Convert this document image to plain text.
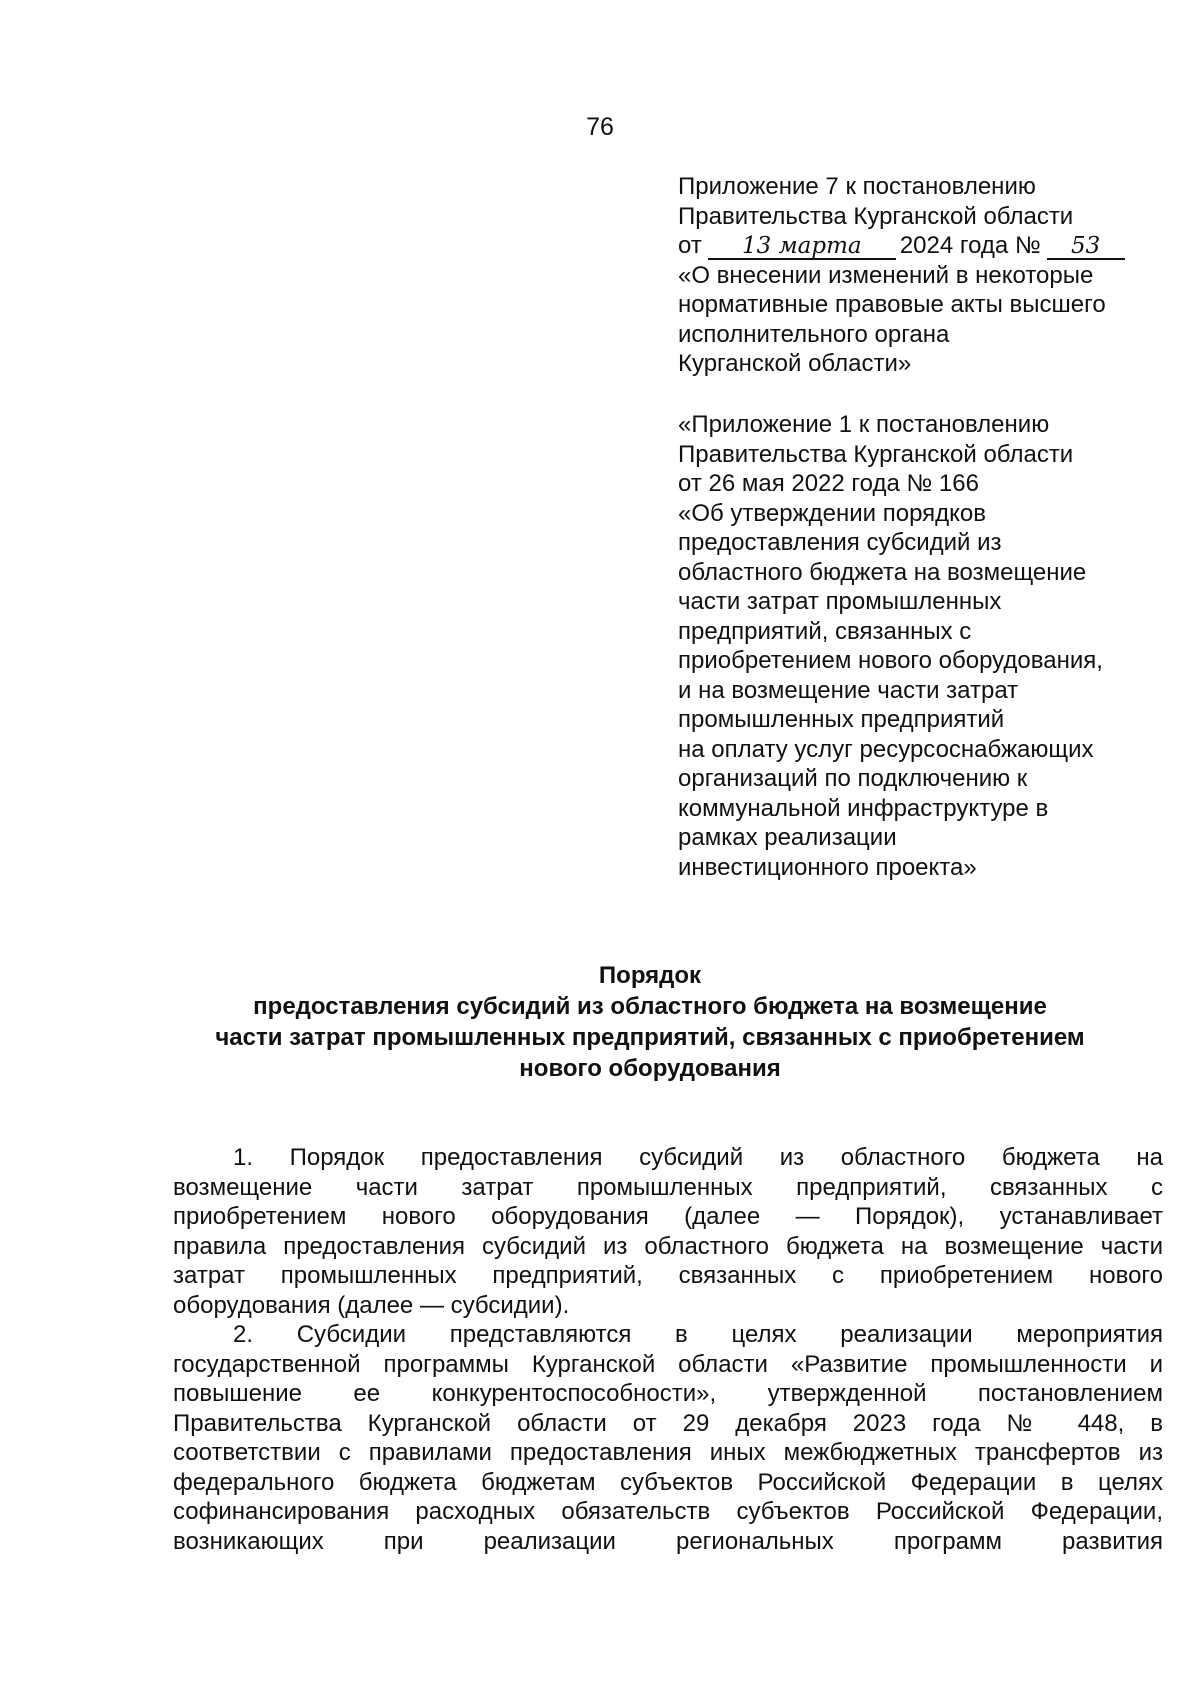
76
Приложение 7 к постановлению
Правительства Курганской области
от 13 марта 2024 года № 53
«О внесении изменений в некоторые
нормативные правовые акты высшего
исполнительного органа
Курганской области»
«Приложение 1 к постановлению
Правительства Курганской области
от 26 мая 2022 года № 166
«Об утверждении порядков
предоставления субсидий из
областного бюджета на возмещение
части затрат промышленных
предприятий, связанных с
приобретением нового оборудования,
и на возмещение части затрат
промышленных предприятий
на оплату услуг ресурсоснабжающих
организаций по подключению к
коммунальной инфраструктуре в
рамках реализации
инвестиционного проекта»
Порядок
предоставления субсидий из областного бюджета на возмещение
части затрат промышленных предприятий, связанных с приобретением
нового оборудования
1. Порядок предоставления субсидий из областного бюджета на
возмещение части затрат промышленных предприятий, связанных с
приобретением нового оборудования (далее — Порядок), устанавливает
правила предоставления субсидий из областного бюджета на возмещение части
затрат промышленных предприятий, связанных с приобретением нового
оборудования (далее — субсидии).
2. Субсидии представляются в целях реализации мероприятия
государственной программы Курганской области «Развитие промышленности и
повышение ее конкурентоспособности», утвержденной постановлением
Правительства Курганской области от 29 декабря 2023 года № 448, в
соответствии с правилами предоставления иных межбюджетных трансфертов из
федерального бюджета бюджетам субъектов Российской Федерации в целях
софинансирования расходных обязательств субъектов Российской Федерации,
возникающих при реализации региональных программ развития
